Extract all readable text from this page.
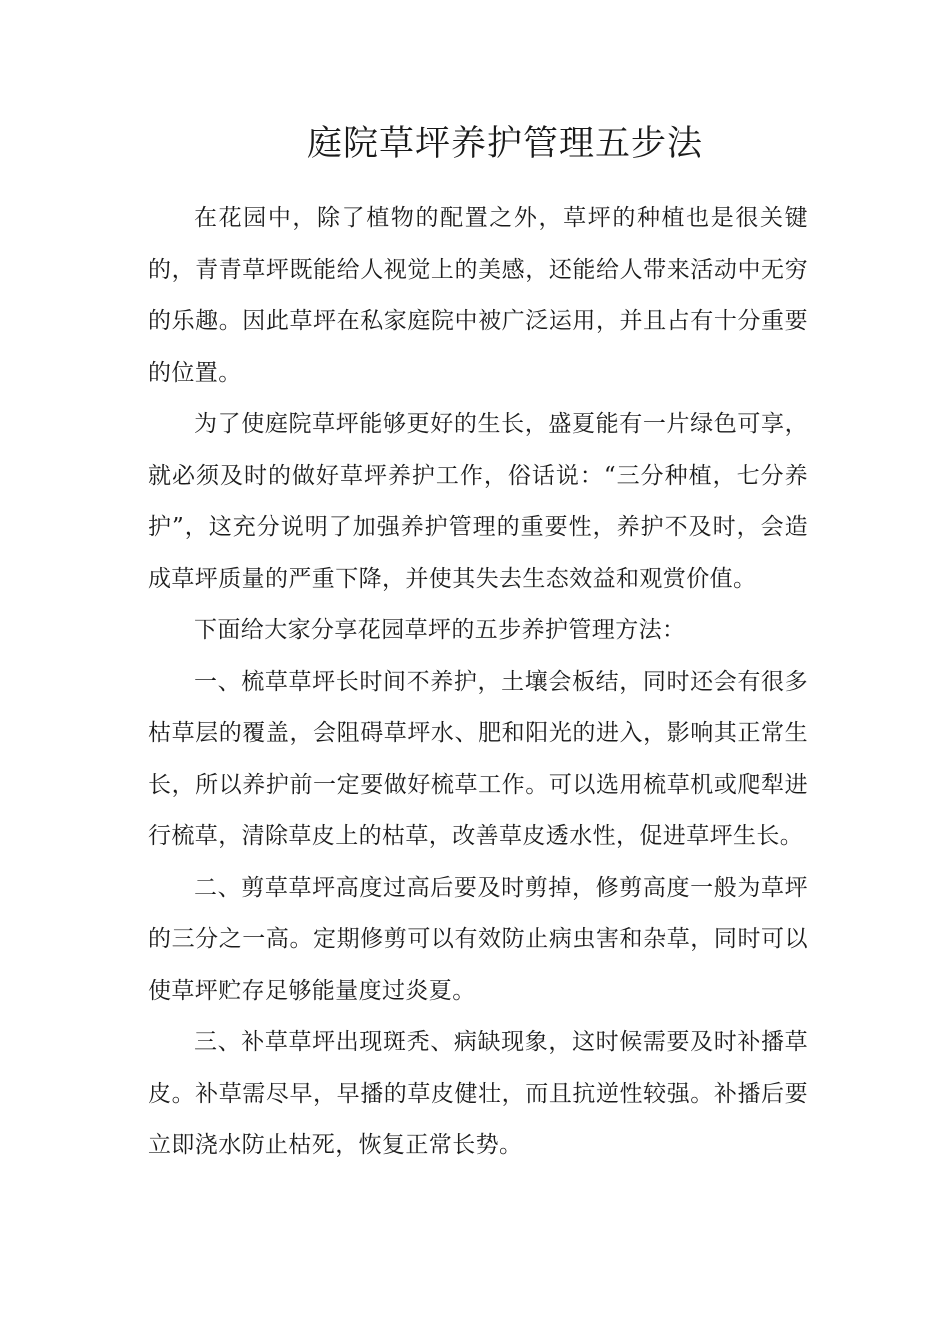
庭院草坪养护管理五步法

在花园中，除了植物的配置之外，草坪的种植也是很关键的，青青草坪既能给人视觉上的美感，还能给人带来活动中无穷的乐趣。因此草坪在私家庭院中被广泛运用，并且占有十分重要的位置。

为了使庭院草坪能够更好的生长，盛夏能有一片绿色可享，就必须及时的做好草坪养护工作，俗话说：“三分种植，七分养护”，这充分说明了加强养护管理的重要性，养护不及时，会造成草坪质量的严重下降，并使其失去生态效益和观赏价值。

下面给大家分享花园草坪的五步养护管理方法：

一、梳草草坪长时间不养护，土壤会板结，同时还会有很多枯草层的覆盖，会阻碍草坪水、肥和阳光的进入，影响其正常生长，所以养护前一定要做好梳草工作。可以选用梳草机或爬犁进行梳草，清除草皮上的枯草，改善草皮透水性，促进草坪生长。

二、剪草草坪高度过高后要及时剪掉，修剪高度一般为草坪的三分之一高。定期修剪可以有效防止病虫害和杂草，同时可以使草坪贮存足够能量度过炎夏。

三、补草草坪出现斑秃、病缺现象，这时候需要及时补播草皮。补草需尽早，早播的草皮健壮，而且抗逆性较强。补播后要立即浇水防止枯死，恢复正常长势。
